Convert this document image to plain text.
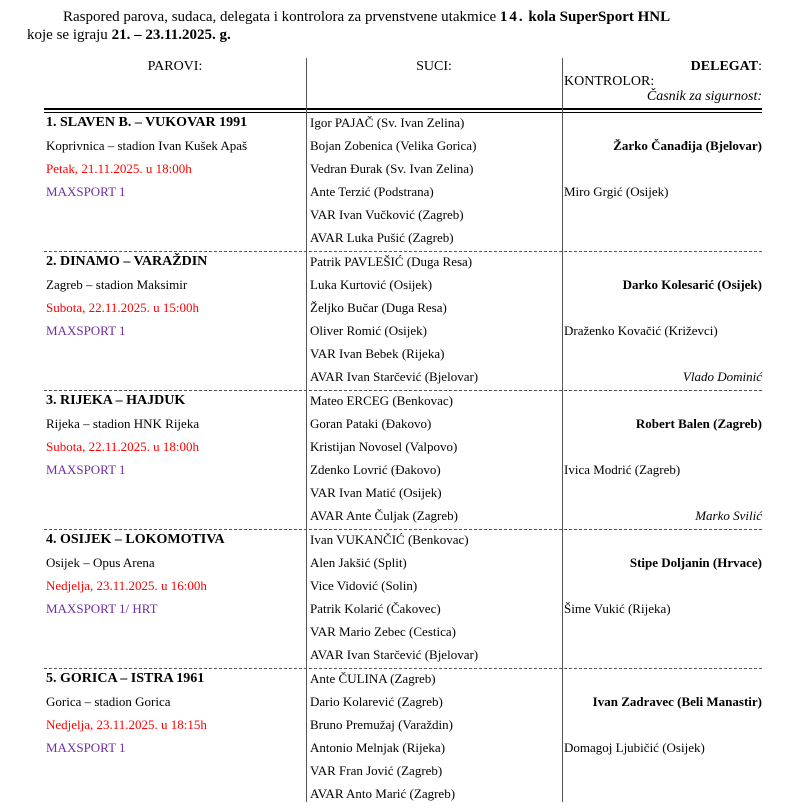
Raspored parova, sudaca, delegata i kontrolora za prvenstvene utakmice 14. kola SuperSport HNL
koje se igraju 21. – 23.11.2025. g.
PAROVI:	SUCI:	DELEGAT:
KONTROLOR:
Časnik za sigurnost:
1. SLAVEN B. – VUKOVAR 1991
Koprivnica – stadion Ivan Kušek Apaš
Petak, 21.11.2025. u 18:00h
MAXSPORT 1
Igor PAJAČ (Sv. Ivan Zelina)
Bojan Zobenica (Velika Gorica)
Vedran Đurak (Sv. Ivan Zelina)
Ante Terzić (Podstrana)
VAR Ivan Vučković (Zagreb)
AVAR Luka Pušić (Zagreb)
Žarko Čanađija (Bjelovar)
Miro Grgić (Osijek)
2. DINAMO – VARAŽDIN
Zagreb – stadion Maksimir
Subota, 22.11.2025. u 15:00h
MAXSPORT 1
Patrik PAVLEŠIĆ (Duga Resa)
Luka Kurtović (Osijek)
Željko Bučar (Duga Resa)
Oliver Romić (Osijek)
VAR Ivan Bebek (Rijeka)
AVAR Ivan Starčević (Bjelovar)
Darko Kolesarić (Osijek)
Draženko Kovačić (Križevci)
Vlado Dominić
3. RIJEKA – HAJDUK
Rijeka – stadion HNK Rijeka
Subota, 22.11.2025. u 18:00h
MAXSPORT 1
Mateo ERCEG (Benkovac)
Goran Pataki (Đakovo)
Kristijan Novosel (Valpovo)
Zdenko Lovrić (Đakovo)
VAR Ivan Matić (Osijek)
AVAR Ante Čuljak (Zagreb)
Robert Balen (Zagreb)
Ivica Modrić (Zagreb)
Marko Svilić
4. OSIJEK – LOKOMOTIVA
Osijek – Opus Arena
Nedjelja, 23.11.2025. u 16:00h
MAXSPORT 1/ HRT
Ivan VUKANČIĆ (Benkovac)
Alen Jakšić (Split)
Vice Vidović (Solin)
Patrik Kolarić (Čakovec)
VAR Mario Zebec (Cestica)
AVAR Ivan Starčević (Bjelovar)
Stipe Doljanin (Hrvace)
Šime Vukić (Rijeka)
5. GORICA – ISTRA 1961
Gorica – stadion Gorica
Nedjelja, 23.11.2025. u 18:15h
MAXSPORT 1
Ante ČULINA (Zagreb)
Dario Kolarević (Zagreb)
Bruno Premužaj (Varaždin)
Antonio Melnjak (Rijeka)
VAR Fran Jović (Zagreb)
AVAR Anto Marić (Zagreb)
Ivan Zadravec (Beli Manastir)
Domagoj Ljubičić (Osijek)
